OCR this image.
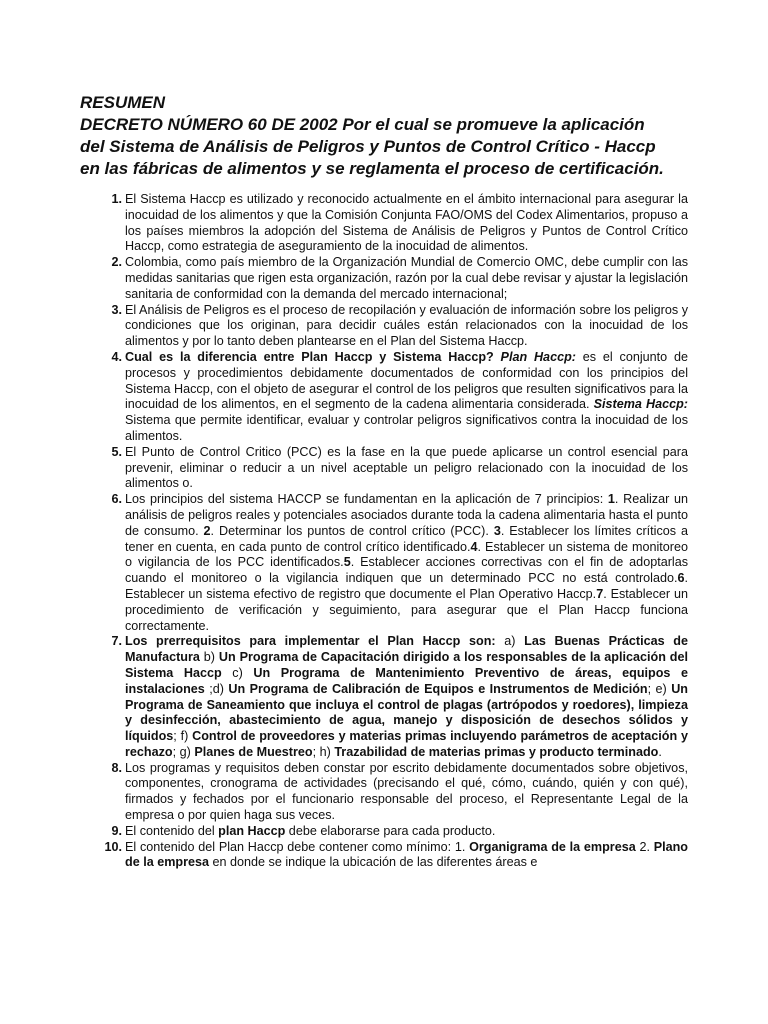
RESUMEN
DECRETO NÚMERO 60 DE 2002 Por el cual se promueve la aplicación
del Sistema de Análisis de Peligros y Puntos de Control Crítico - Haccp
en las fábricas de alimentos y se reglamenta el proceso de certificación.
1. El Sistema Haccp es utilizado y reconocido actualmente en el ámbito internacional para asegurar la inocuidad de los alimentos y que la Comisión Conjunta FAO/OMS del Codex Alimentarios, propuso a los países miembros la adopción del Sistema de Análisis de Peligros y Puntos de Control Crítico Haccp, como estrategia de aseguramiento de la inocuidad de alimentos.
2. Colombia, como país miembro de la Organización Mundial de Comercio OMC, debe cumplir con las medidas sanitarias que rigen esta organización, razón por la cual debe revisar y ajustar la legislación sanitaria de conformidad con la demanda del mercado internacional;
3. El Análisis de Peligros es el proceso de recopilación y evaluación de información sobre los peligros y condiciones que los originan, para decidir cuáles están relacionados con la inocuidad de los alimentos y por lo tanto deben plantearse en el Plan del Sistema Haccp.
4. Cual es la diferencia entre Plan Haccp y Sistema Haccp? Plan Haccp: es el conjunto de procesos y procedimientos debidamente documentados de conformidad con los principios del Sistema Haccp, con el objeto de asegurar el control de los peligros que resulten significativos para la inocuidad de los alimentos, en el segmento de la cadena alimentaria considerada. Sistema Haccp: Sistema que permite identificar, evaluar y controlar peligros significativos contra la inocuidad de los alimentos.
5. El Punto de Control Critico (PCC) es la fase en la que puede aplicarse un control esencial para prevenir, eliminar o reducir a un nivel aceptable un peligro relacionado con la inocuidad de los alimentos o.
6. Los principios del sistema HACCP se fundamentan en la aplicación de 7 principios: 1. Realizar un análisis de peligros reales y potenciales asociados durante toda la cadena alimentaria hasta el punto de consumo. 2. Determinar los puntos de control crítico (PCC). 3. Establecer los límites críticos a tener en cuenta, en cada punto de control crítico identificado.4. Establecer un sistema de monitoreo o vigilancia de los PCC identificados.5. Establecer acciones correctivas con el fin de adoptarlas cuando el monitoreo o la vigilancia indiquen que un determinado PCC no está controlado.6. Establecer un sistema efectivo de registro que documente el Plan Operativo Haccp.7. Establecer un procedimiento de verificación y seguimiento, para asegurar que el Plan Haccp funciona correctamente.
7. Los prerrequisitos para implementar el Plan Haccp son: a) Las Buenas Prácticas de Manufactura b) Un Programa de Capacitación dirigido a los responsables de la aplicación del Sistema Haccp c) Un Programa de Mantenimiento Preventivo de áreas, equipos e instalaciones ;d) Un Programa de Calibración de Equipos e Instrumentos de Medición; e) Un Programa de Saneamiento que incluya el control de plagas (artrópodos y roedores), limpieza y desinfección, abastecimiento de agua, manejo y disposición de desechos sólidos y líquidos; f) Control de proveedores y materias primas incluyendo parámetros de aceptación y rechazo; g) Planes de Muestreo; h) Trazabilidad de materias primas y producto terminado.
8. Los programas y requisitos deben constar por escrito debidamente documentados sobre objetivos, componentes, cronograma de actividades (precisando el qué, cómo, cuándo, quién y con qué), firmados y fechados por el funcionario responsable del proceso, el Representante Legal de la empresa o por quien haga sus veces.
9. El contenido del plan Haccp debe elaborarse para cada producto.
10. El contenido del Plan Haccp debe contener como mínimo: 1. Organigrama de la empresa 2. Plano de la empresa en donde se indique la ubicación de las diferentes áreas e
